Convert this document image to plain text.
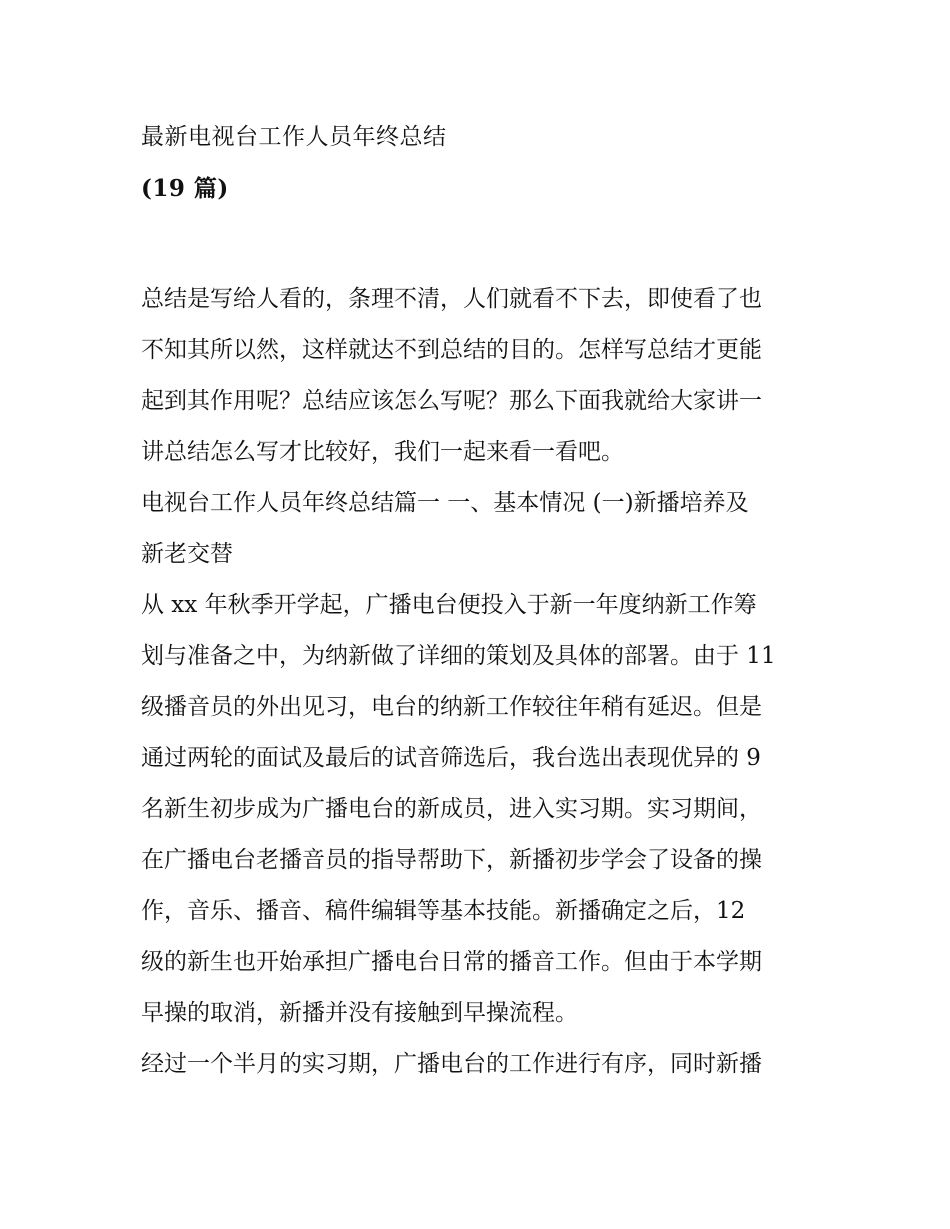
最新电视台工作人员年终总结
(19 篇)
总结是写给人看的，条理不清，人们就看不下去，即使看了也
不知其所以然，这样就达不到总结的目的。怎样写总结才更能
起到其作用呢？总结应该怎么写呢？那么下面我就给大家讲一
讲总结怎么写才比较好，我们一起来看一看吧。
电视台工作人员年终总结篇一 一、基本情况 (一)新播培养及
新老交替
从 xx 年秋季开学起，广播电台便投入于新一年度纳新工作筹
划与准备之中，为纳新做了详细的策划及具体的部署。由于 11
级播音员的外出见习，电台的纳新工作较往年稍有延迟。但是
通过两轮的面试及最后的试音筛选后，我台选出表现优异的 9
名新生初步成为广播电台的新成员，进入实习期。实习期间，
在广播电台老播音员的指导帮助下，新播初步学会了设备的操
作，音乐、播音、稿件编辑等基本技能。新播确定之后，12
级的新生也开始承担广播电台日常的播音工作。但由于本学期
早操的取消，新播并没有接触到早操流程。
经过一个半月的实习期，广播电台的工作进行有序，同时新播
